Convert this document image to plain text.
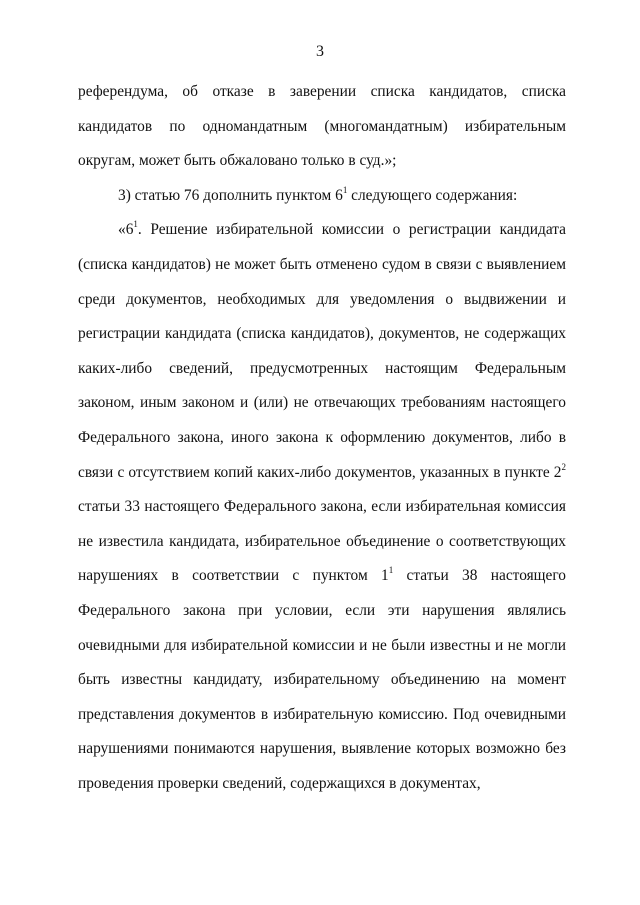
3

референдума, об отказе в заверении списка кандидатов, списка кандидатов по одномандатным (многомандатным) избирательным округам, может быть обжаловано только в суд.»;

3) статью 76 дополнить пунктом $6^1$ следующего содержания:

«$6^1$. Решение избирательной комиссии о регистрации кандидата (списка кандидатов) не может быть отменено судом в связи с выявлением среди документов, необходимых для уведомления о выдвижении и регистрации кандидата (списка кандидатов), документов, не содержащих каких-либо сведений, предусмотренных настоящим Федеральным законом, иным законом и (или) не отвечающих требованиям настоящего Федерального закона, иного закона к оформлению документов, либо в связи с отсутствием копий каких-либо документов, указанных в пункте $2^2$ статьи 33 настоящего Федерального закона, если избирательная комиссия не известила кандидата, избирательное объединение о соответствующих нарушениях в соответствии с пунктом $1^1$ статьи 38 настоящего Федерального закона при условии, если эти нарушения являлись очевидными для избирательной комиссии и не были известны и не могли быть известны кандидату, избирательному объединению на момент представления документов в избирательную комиссию. Под очевидными нарушениями понимаются нарушения, выявление которых возможно без проведения проверки сведений, содержащихся в документах,
